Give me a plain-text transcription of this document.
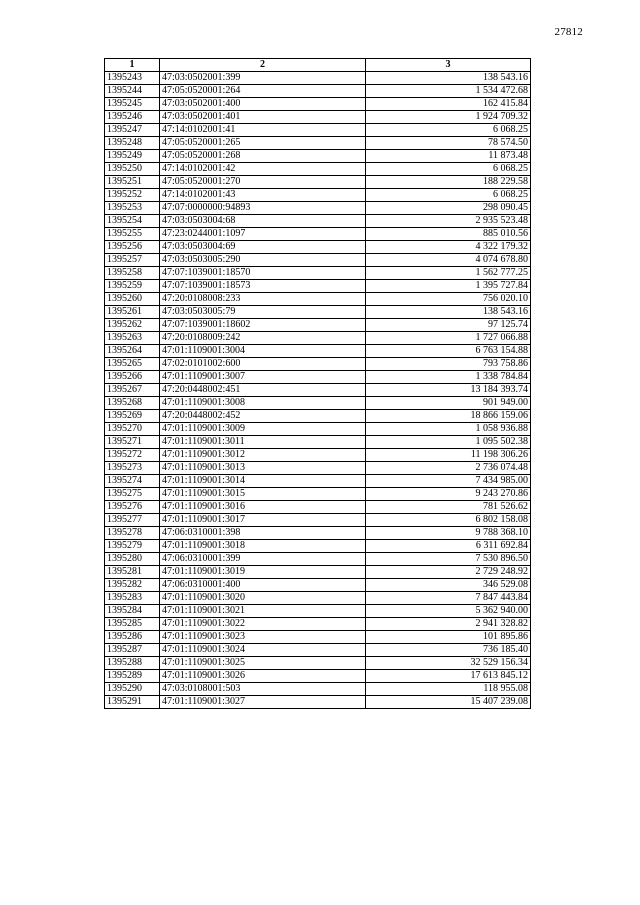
27812
1	2	3
1395243	47:03:0502001:399	138 543.16
1395244	47:05:0520001:264	1 534 472.68
1395245	47:03:0502001:400	162 415.84
1395246	47:03:0502001:401	1 924 709.32
1395247	47:14:0102001:41	6 068.25
1395248	47:05:0520001:265	78 574.50
1395249	47:05:0520001:268	11 873.48
1395250	47:14:0102001:42	6 068.25
1395251	47:05:0520001:270	188 229.58
1395252	47:14:0102001:43	6 068.25
1395253	47:07:0000000:94893	298 090.45
1395254	47:03:0503004:68	2 935 523.48
1395255	47:23:0244001:1097	885 010.56
1395256	47:03:0503004:69	4 322 179.32
1395257	47:03:0503005:290	4 074 678.80
1395258	47:07:1039001:18570	1 562 777.25
1395259	47:07:1039001:18573	1 395 727.84
1395260	47:20:0108008:233	756 020.10
1395261	47:03:0503005:79	138 543.16
1395262	47:07:1039001:18602	97 125.74
1395263	47:20:0108009:242	1 727 066.88
1395264	47:01:1109001:3004	6 763 154.88
1395265	47:02:0101002:600	793 758.86
1395266	47:01:1109001:3007	1 338 784.84
1395267	47:20:0448002:451	13 184 393.74
1395268	47:01:1109001:3008	901 949.00
1395269	47:20:0448002:452	18 866 159.06
1395270	47:01:1109001:3009	1 058 936.88
1395271	47:01:1109001:3011	1 095 502.38
1395272	47:01:1109001:3012	11 198 306.26
1395273	47:01:1109001:3013	2 736 074.48
1395274	47:01:1109001:3014	7 434 985.00
1395275	47:01:1109001:3015	9 243 270.86
1395276	47:01:1109001:3016	781 526.62
1395277	47:01:1109001:3017	6 802 158.08
1395278	47:06:0310001:398	9 788 368.10
1395279	47:01:1109001:3018	6 311 692.84
1395280	47:06:0310001:399	7 530 896.50
1395281	47:01:1109001:3019	2 729 248.92
1395282	47:06:0310001:400	346 529.08
1395283	47:01:1109001:3020	7 847 443.84
1395284	47:01:1109001:3021	5 362 940.00
1395285	47:01:1109001:3022	2 941 328.82
1395286	47:01:1109001:3023	101 895.86
1395287	47:01:1109001:3024	736 185.40
1395288	47:01:1109001:3025	32 529 156.34
1395289	47:01:1109001:3026	17 613 845.12
1395290	47:03:0108001:503	118 955.08
1395291	47:01:1109001:3027	15 407 239.08
